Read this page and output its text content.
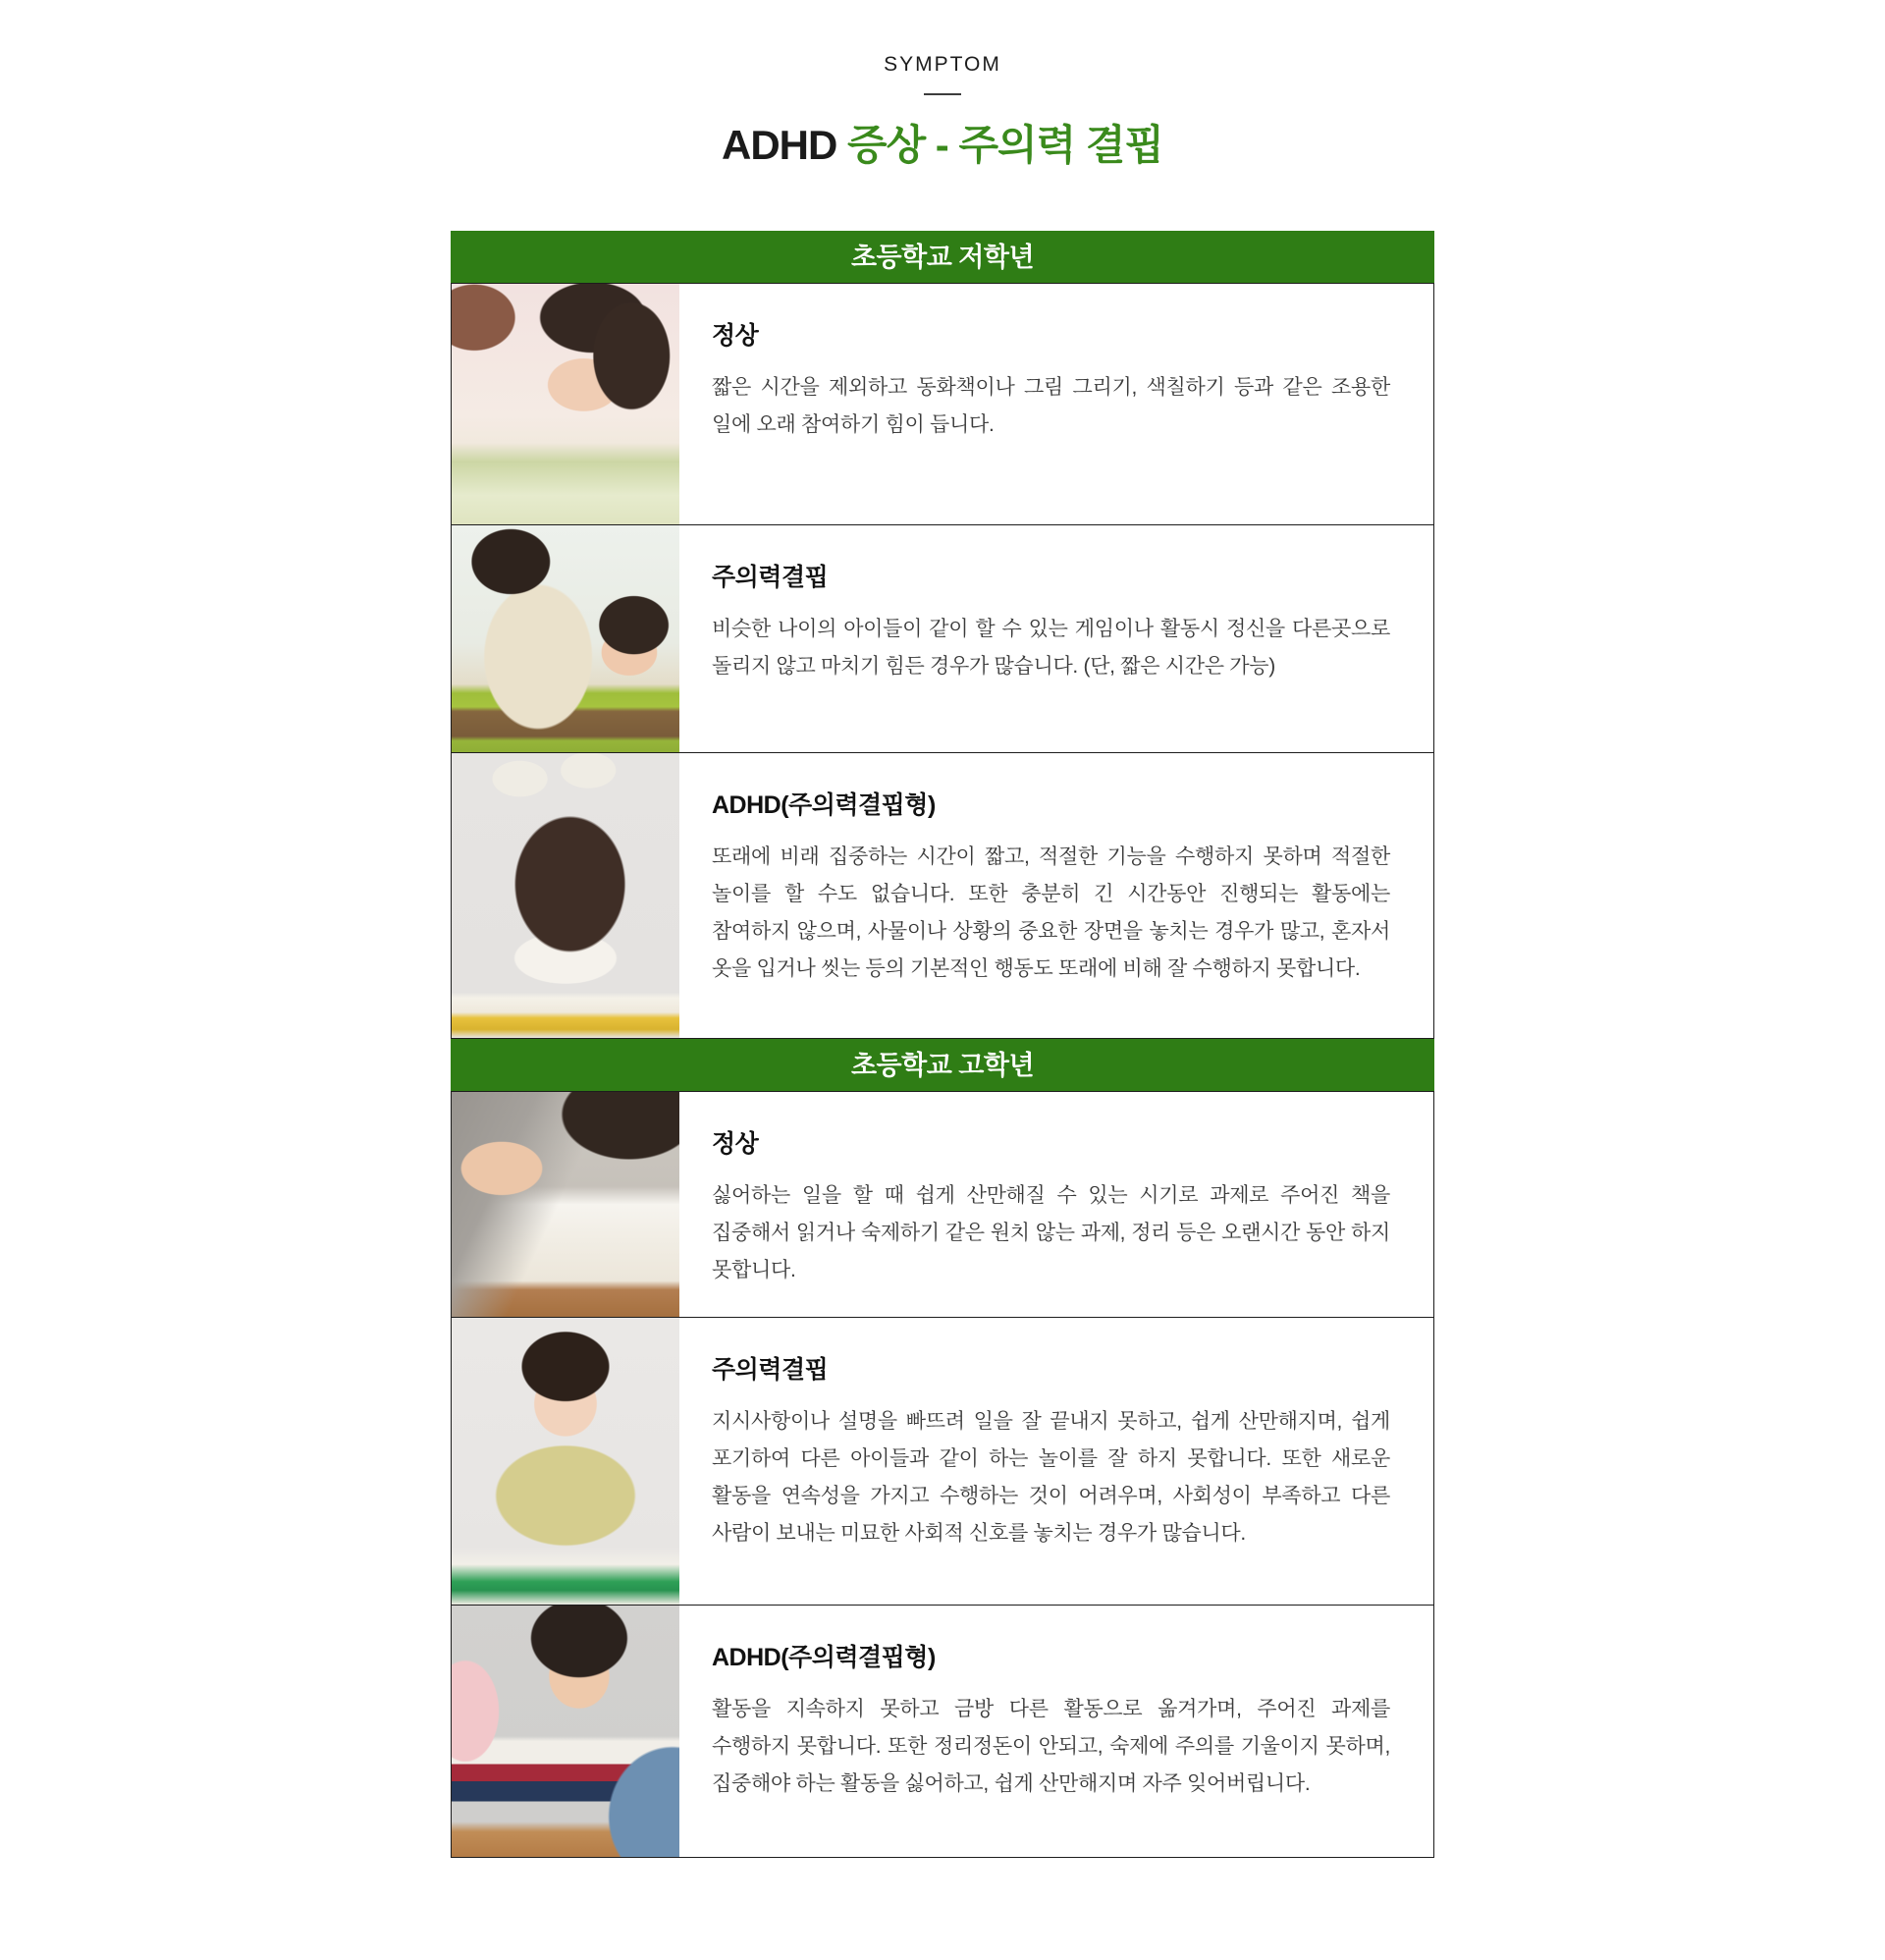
SYMPTOM
ADHD 증상 - 주의력 결핍
초등학교 저학년
정상

짧은 시간을 제외하고 동화책이나 그림 그리기, 색칠하기 등과 같은 조용한 일에 오래 참여하기 힘이 듭니다.

주의력결핍

비슷한 나이의 아이들이 같이 할 수 있는 게임이나 활동시 정신을 다른곳으로 돌리지 않고 마치기 힘든 경우가 많습니다. (단, 짧은 시간은 가능)

ADHD(주의력결핍형)

또래에 비래 집중하는 시간이 짧고, 적절한 기능을 수행하지 못하며 적절한 놀이를 할 수도 없습니다. 또한 충분히 긴 시간동안 진행되는 활동에는 참여하지 않으며, 사물이나 상황의 중요한 장면을 놓치는 경우가 많고, 혼자서 옷을 입거나 씻는 등의 기본적인 행동도 또래에 비해 잘 수행하지 못합니다.

초등학교 고학년
정상

싫어하는 일을 할 때 쉽게 산만해질 수 있는 시기로 과제로 주어진 책을 집중해서 읽거나 숙제하기 같은 원치 않는 과제, 정리 등은 오랜시간 동안 하지 못합니다.

주의력결핍

지시사항이나 설명을 빠뜨려 일을 잘 끝내지 못하고, 쉽게 산만해지며, 쉽게 포기하여 다른 아이들과 같이 하는 놀이를 잘 하지 못합니다. 또한 새로운 활동을 연속성을 가지고 수행하는 것이 어려우며, 사회성이 부족하고 다른 사람이 보내는 미묘한 사회적 신호를 놓치는 경우가 많습니다.

ADHD(주의력결핍형)

활동을 지속하지 못하고 금방 다른 활동으로 옮겨가며, 주어진 과제를 수행하지 못합니다. 또한 정리정돈이 안되고, 숙제에 주의를 기울이지 못하며, 집중해야 하는 활동을 싫어하고, 쉽게 산만해지며 자주 잊어버립니다.
